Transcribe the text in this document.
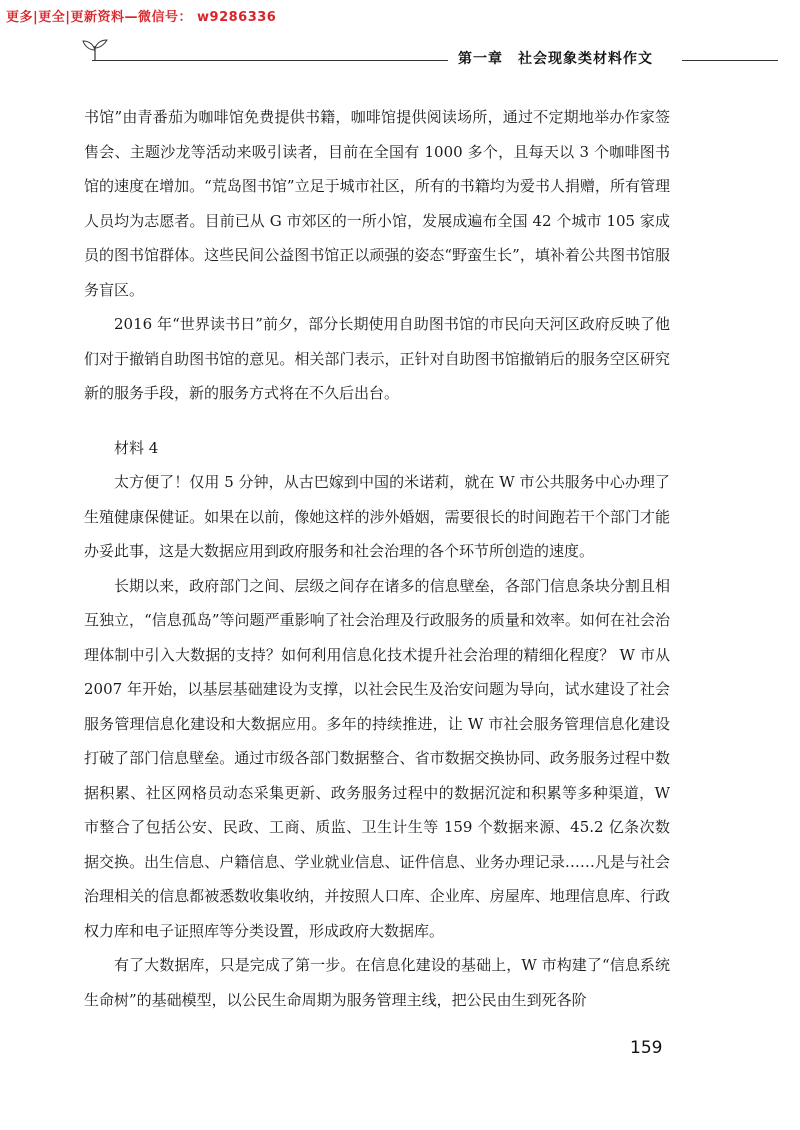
更多|更全|更新资料—微信号： w9286336
第一章　社会现象类材料作文

书馆”由青番茄为咖啡馆免费提供书籍，咖啡馆提供阅读场所，通过不定期地举办作家签售会、主题沙龙等活动来吸引读者，目前在全国有 1000 多个，且每天以 3 个咖啡图书馆的速度在增加。“荒岛图书馆”立足于城市社区，所有的书籍均为爱书人捐赠，所有管理人员均为志愿者。目前已从 G 市郊区的一所小馆，发展成遍布全国 42 个城市 105 家成员的图书馆群体。这些民间公益图书馆正以顽强的姿态“野蛮生长”，填补着公共图书馆服务盲区。

2016 年“世界读书日”前夕，部分长期使用自助图书馆的市民向天河区政府反映了他们对于撤销自助图书馆的意见。相关部门表示，正针对自助图书馆撤销后的服务空区研究新的服务手段，新的服务方式将在不久后出台。

材料 4

太方便了！仅用 5 分钟，从古巴嫁到中国的米诺莉，就在 W 市公共服务中心办理了生殖健康保健证。如果在以前，像她这样的涉外婚姻，需要很长的时间跑若干个部门才能办妥此事，这是大数据应用到政府服务和社会治理的各个环节所创造的速度。

长期以来，政府部门之间、层级之间存在诸多的信息壁垒，各部门信息条块分割且相互独立，“信息孤岛”等问题严重影响了社会治理及行政服务的质量和效率。如何在社会治理体制中引入大数据的支持？如何利用信息化技术提升社会治理的精细化程度？ W 市从 2007 年开始，以基层基础建设为支撑，以社会民生及治安问题为导向，试水建设了社会服务管理信息化建设和大数据应用。多年的持续推进，让 W 市社会服务管理信息化建设打破了部门信息壁垒。通过市级各部门数据整合、省市数据交换协同、政务服务过程中数据积累、社区网格员动态采集更新、政务服务过程中的数据沉淀和积累等多种渠道，W 市整合了包括公安、民政、工商、质监、卫生计生等 159 个数据来源、45.2 亿条次数据交换。出生信息、户籍信息、学业就业信息、证件信息、业务办理记录……凡是与社会治理相关的信息都被悉数收集收纳，并按照人口库、企业库、房屋库、地理信息库、行政权力库和电子证照库等分类设置，形成政府大数据库。

有了大数据库，只是完成了第一步。在信息化建设的基础上，W 市构建了“信息系统生命树”的基础模型，以公民生命周期为服务管理主线，把公民由生到死各阶

159
